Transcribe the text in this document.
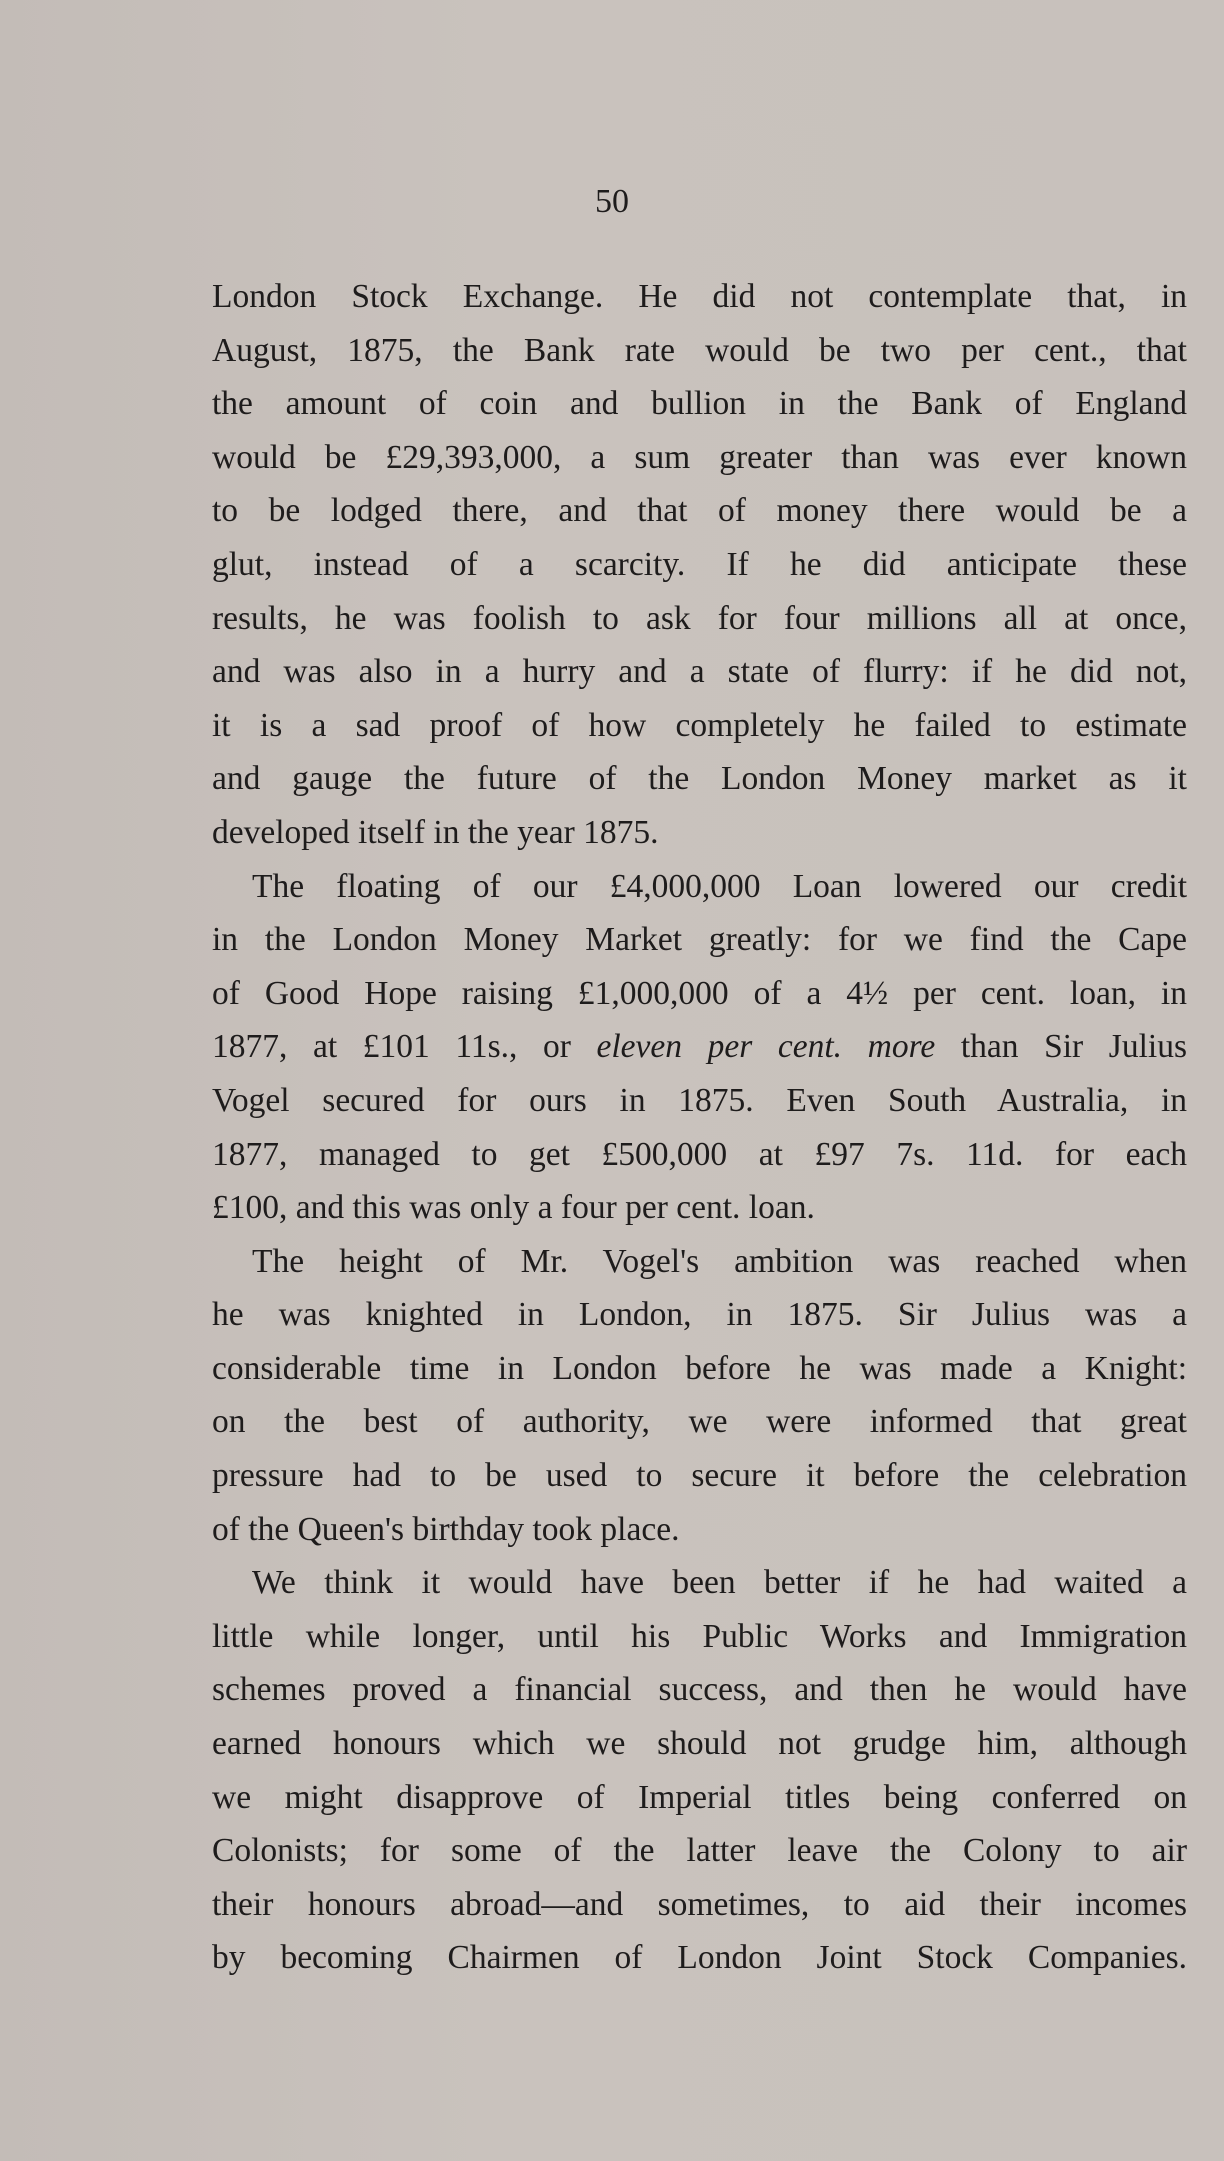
50
London Stock Exchange. He did not contemplate that, in
August, 1875, the Bank rate would be two per cent., that
the amount of coin and bullion in the Bank of England
would be £29,393,000, a sum greater than was ever known
to be lodged there, and that of money there would be a
glut, instead of a scarcity. If he did anticipate these
results, he was foolish to ask for four millions all at once,
and was also in a hurry and a state of flurry: if he did not,
it is a sad proof of how completely he failed to estimate
and gauge the future of the London Money market as it
developed itself in the year 1875.
The floating of our £4,000,000 Loan lowered our credit
in the London Money Market greatly: for we find the Cape
of Good Hope raising £1,000,000 of a 4½ per cent. loan, in
1877, at £101 11s., or eleven per cent. more than Sir Julius
Vogel secured for ours in 1875. Even South Australia, in
1877, managed to get £500,000 at £97 7s. 11d. for each
£100, and this was only a four per cent. loan.
The height of Mr. Vogel's ambition was reached when
he was knighted in London, in 1875. Sir Julius was a
considerable time in London before he was made a Knight:
on the best of authority, we were informed that great
pressure had to be used to secure it before the celebration
of the Queen's birthday took place.
We think it would have been better if he had waited a
little while longer, until his Public Works and Immigration
schemes proved a financial success, and then he would have
earned honours which we should not grudge him, although
we might disapprove of Imperial titles being conferred on
Colonists; for some of the latter leave the Colony to air
their honours abroad—and sometimes, to aid their incomes
by becoming Chairmen of London Joint Stock Companies.
